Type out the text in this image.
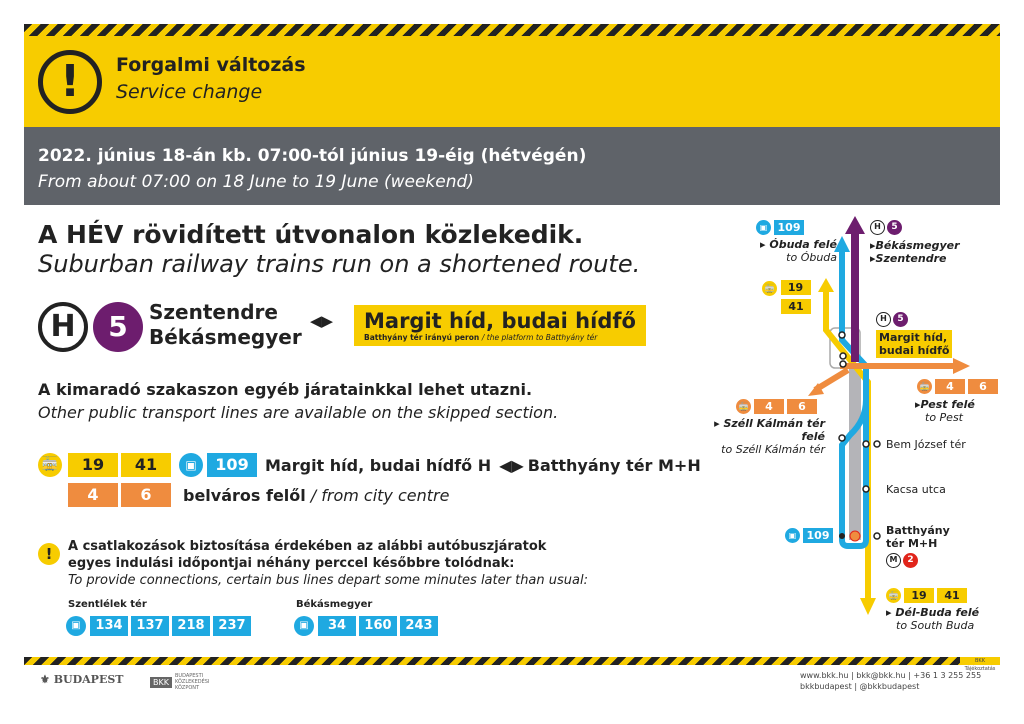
!	Forgalmi változás
Service change
2022. június 18-án kb. 07:00-tól június 19-éig (hétvégén)
From about 07:00 on 18 June to 19 June (weekend)
A HÉV rövidített útvonalon közlekedik.
Suburban railway trains run on a shortened route.
H	5	Szentendre
Békásmegyer
◀▶ Margit híd, budai hídfő
Batthyány tér irányú peron / the platform to Batthyány tér
A kimaradó szakaszon egyéb járatainkkal lehet utazni.
Other public transport lines are available on the skipped section.
🚋	19	41	▣	109	Margit híd, budai hídfő H ◀▶ Batthyány tér M+H
4	6	belváros felől / from city centre
!	A csatlakozások biztosítása érdekében az alábbi autóbuszjáratok
egyes indulási időpontjai néhány perccel későbbre tolódnak:
To provide connections, certain bus lines depart some minutes later than usual:
Szentlélek tér
▣	134	137	218	237
Békásmegyer
▣	34	160	243
▣ 109
▸ Óbuda felé
to Óbuda
H	5
▸Békásmegyer
▸Szentendre
🚋 19
41
H	5
Margit híd,
budai hídfő
🚋	4	6
▸Pest felé
to Pest
🚋	4	6
▸ Széll Kálmán tér felé
to Széll Kálmán tér	Bem József tér
Kacsa utca
▣ 109	Batthyány
tér M+H
M	2
🚋	19	41
▸ Dél-Buda felé
to South Buda
BKK Tájékoztatás
⚜ BUDAPEST	BKK
BUDAPESTI KÖZLEKEDÉSI KÖZPONT
www.bkk.hu | bkk@bkk.hu | +36 1 3 255 255
bkkbudapest | @bkkbudapest
